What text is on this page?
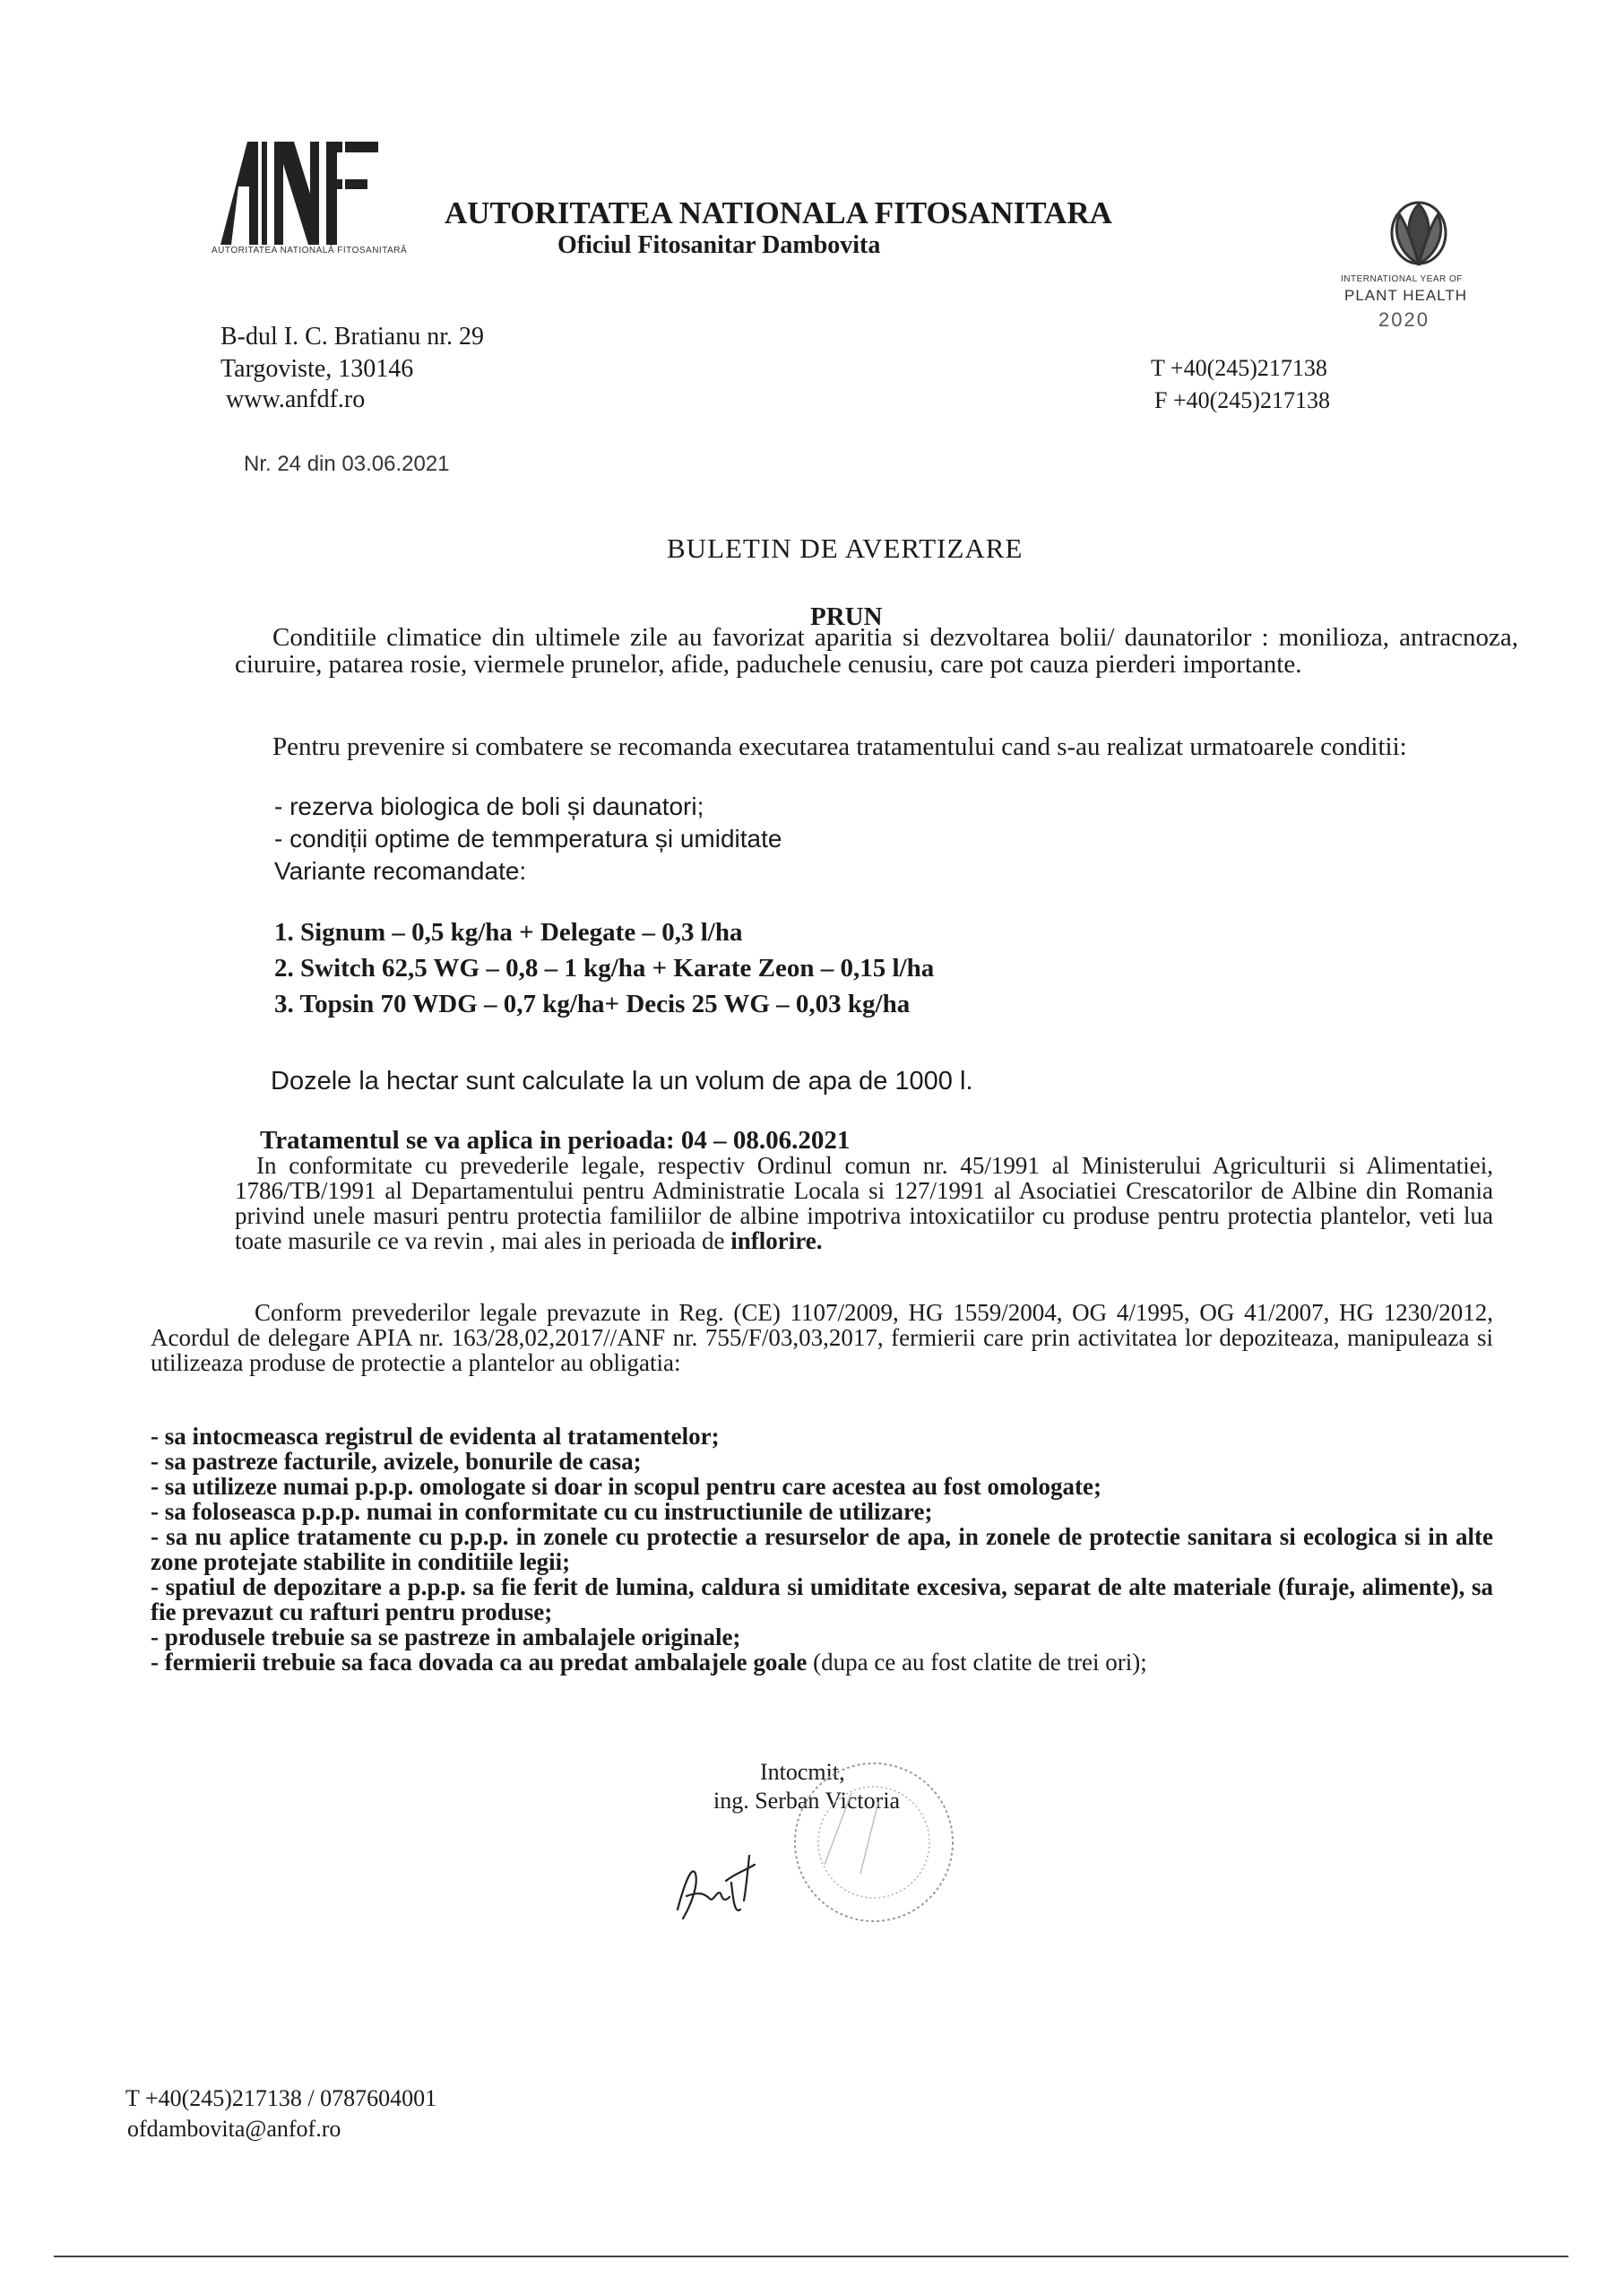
AUTORITATEA NATIONALĂ FITOSANITARĂ
AUTORITATEA NATIONALA FITOSANITARA
Oficiul Fitosanitar Dambovita
INTERNATIONAL YEAR OF
PLANT HEALTH
2020
B-dul I. C. Bratianu nr. 29
Targoviste, 130146
www.anfdf.ro
T +40(245)217138
F +40(245)217138
Nr. 24 din 03.06.2021
BULETIN DE AVERTIZARE
PRUN
Conditiile climatice din ultimele zile au favorizat aparitia si dezvoltarea bolii/ daunatorilor : monilioza, antracnoza, ciuruire, patarea rosie, viermele prunelor, afide, paduchele cenusiu, care pot cauza pierderi importante.
Pentru prevenire si combatere se recomanda executarea tratamentului cand s-au realizat urmatoarele conditii:
- rezerva biologica de boli și daunatori;
- condiții optime de temmperatura și umiditate
Variante recomandate:
1. Signum – 0,5 kg/ha + Delegate – 0,3 l/ha
2. Switch 62,5 WG – 0,8 – 1 kg/ha + Karate Zeon – 0,15 l/ha
3. Topsin 70 WDG – 0,7 kg/ha+ Decis 25 WG – 0,03 kg/ha
Dozele la hectar sunt calculate la un volum de apa de 1000 l.
Tratamentul se va aplica in perioada: 04 – 08.06.2021
In conformitate cu prevederile legale, respectiv Ordinul comun nr. 45/1991 al Ministerului Agriculturii si Alimentatiei, 1786/TB/1991 al Departamentului pentru Administratie Locala si 127/1991 al Asociatiei Crescatorilor de Albine din Romania privind unele masuri pentru protectia familiilor de albine impotriva intoxicatiilor cu produse pentru protectia plantelor, veti lua toate masurile ce va revin , mai ales in perioada de inflorire.
Conform prevederilor legale prevazute in Reg. (CE) 1107/2009, HG 1559/2004, OG 4/1995, OG 41/2007, HG 1230/2012, Acordul de delegare APIA nr. 163/28,02,2017//ANF nr. 755/F/03,03,2017, fermierii care prin activitatea lor depoziteaza, manipuleaza si utilizeaza produse de protectie a plantelor au obligatia:

- sa intocmeasca registrul de evidenta al tratamentelor;

- sa pastreze facturile, avizele, bonurile de casa;

- sa utilizeze numai p.p.p. omologate si doar in scopul pentru care acestea au fost omologate;

- sa foloseasca p.p.p. numai in conformitate cu cu instructiunile de utilizare;

- sa nu aplice tratamente cu p.p.p. in zonele cu protectie a resurselor de apa, in zonele de protectie sanitara si ecologica si in alte zone protejate stabilite in conditiile legii;

- spatiul de depozitare a p.p.p. sa fie ferit de lumina, caldura si umiditate excesiva, separat de alte materiale (furaje, alimente), sa fie prevazut cu rafturi pentru produse;

- produsele trebuie sa se pastreze in ambalajele originale;

- fermierii trebuie sa faca dovada ca au predat ambalajele goale (dupa ce au fost clatite de trei ori);

Intocmit,
ing. Serban Victoria
T +40(245)217138 / 0787604001
ofdambovita@anfof.ro
